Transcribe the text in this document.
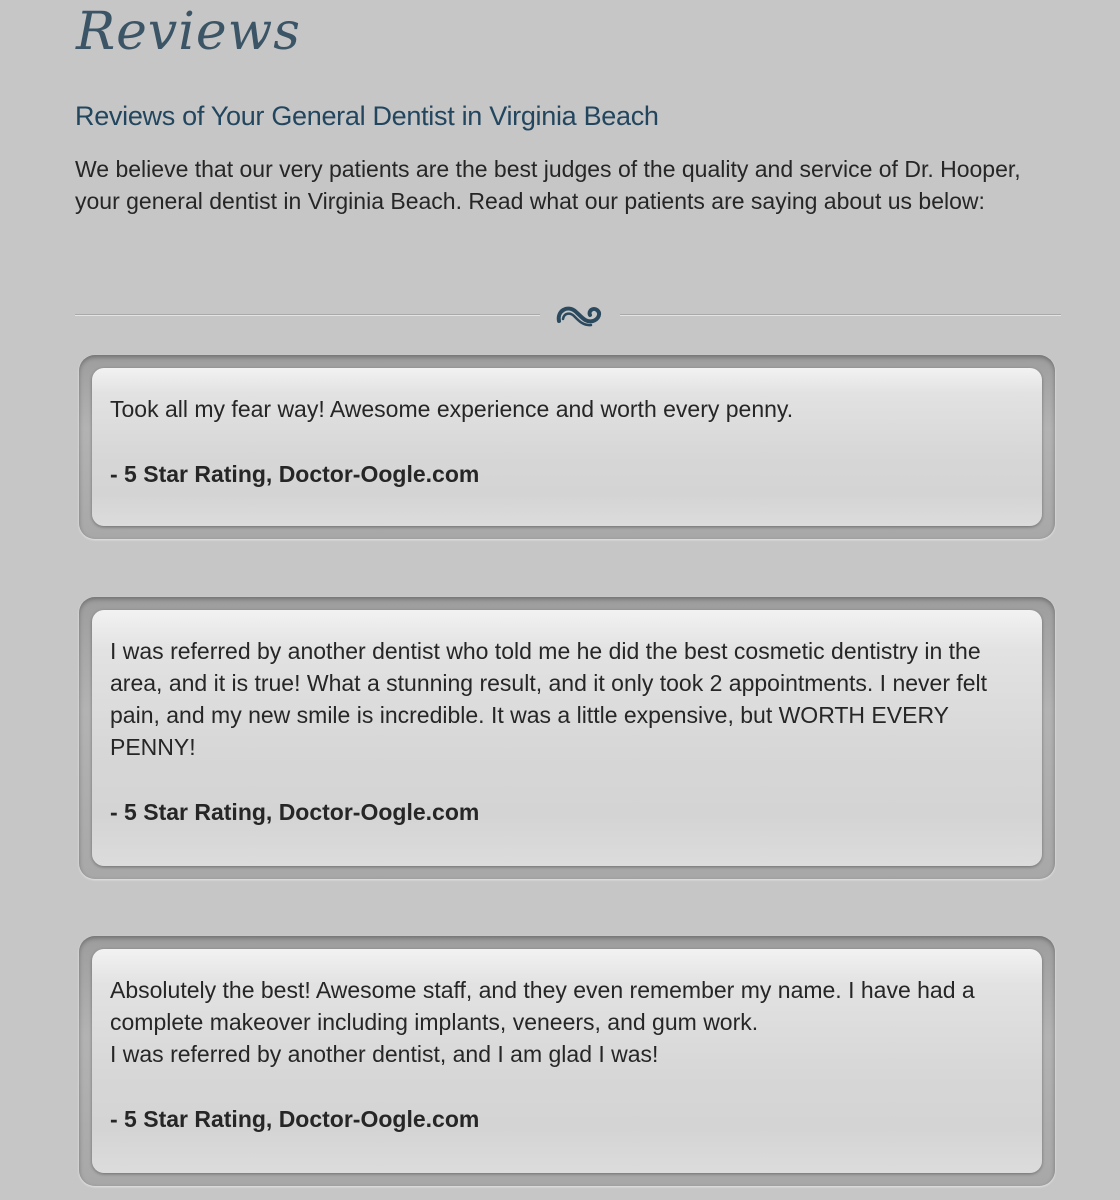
Reviews
Reviews of Your General Dentist in Virginia Beach

We believe that our very patients are the best judges of the quality and service of Dr. Hooper, your general dentist in Virginia Beach. Read what our patients are saying about us below:

Took all my fear way! Awesome experience and worth every penny.

- 5 Star Rating, Doctor-Oogle.com

I was referred by another dentist who told me he did the best cosmetic dentistry in the area, and it is true! What a stunning result, and it only took 2 appointments. I never felt pain, and my new smile is incredible. It was a little expensive, but WORTH EVERY PENNY!

- 5 Star Rating, Doctor-Oogle.com

Absolutely the best! Awesome staff, and they even remember my name. I have had a complete makeover including implants, veneers, and gum work.
I was referred by another dentist, and I am glad I was!

- 5 Star Rating, Doctor-Oogle.com
